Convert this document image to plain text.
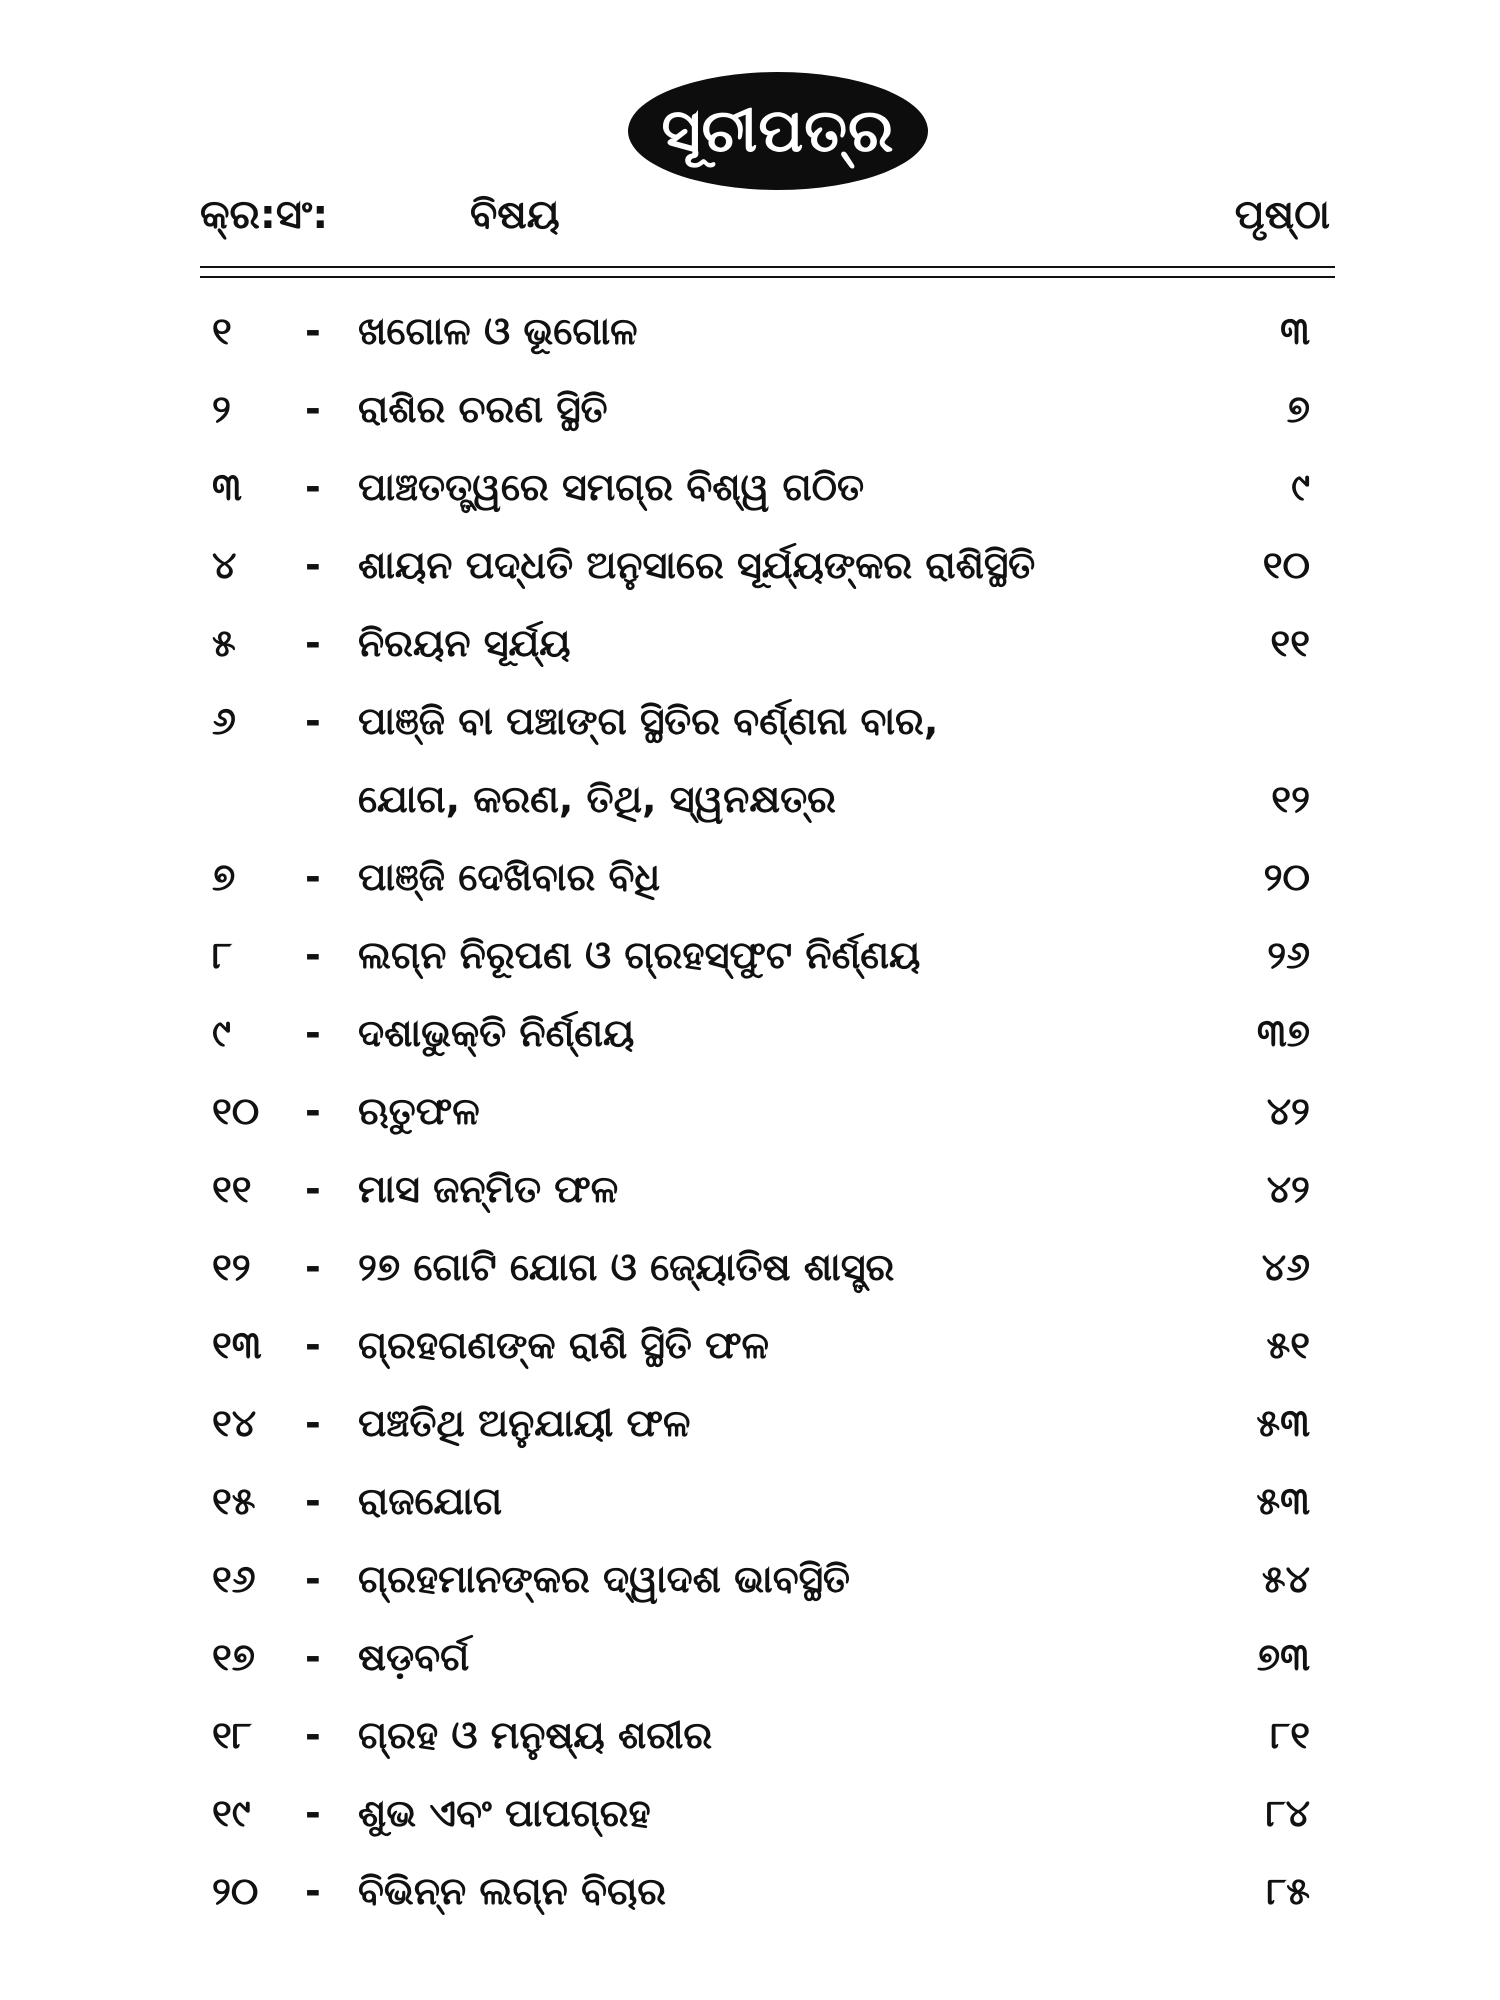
ସୂଚୀପତ୍ର
କ୍ର:ସଂ:	ବିଷୟ	ପୃଷ୍ଠା
୧	- ଖଗୋଳ ଓ ଭୂଗୋଳ	୩
୨	- ରାଶିର ଚରଣ ସ୍ଥିତି	୭
୩	- ପାଞ୍ଚତତ୍ତ୍ୱରେ ସମଗ୍ର ବିଶ୍ୱ ଗଠିତ	୯
୪	- ଶାୟନ ପଦ୍ଧତି ଅନୁସାରେ ସୂର୍ଯ୍ୟଙ୍କର ରାଶିସ୍ଥିତି	୧୦
୫	- ନିରୟନ ସୂର୍ଯ୍ୟ	୧୧
୬	- ପାଞ୍ଜି ବା ପଞ୍ଚାଙ୍ଗ ସ୍ଥିତିର ବର୍ଣ୍ଣନା ବାର,
ଯୋଗ, କରଣ, ତିଥି, ସ୍ୱନକ୍ଷତ୍ର	୧୨
୭	- ପାଞ୍ଜି ଦେଖିବାର ବିଧି	୨୦
୮	- ଲଗ୍ନ ନିରୂପଣ ଓ ଗ୍ରହସ୍ଫୁଟ ନିର୍ଣ୍ଣୟ	୨୬
୯	- ଦଶାଭୁକ୍ତି ନିର୍ଣ୍ଣୟ	୩୭
୧୦	- ଋତୁଫଳ	୪୨
୧୧	- ମାସ ଜନ୍ମିତ ଫଳ	୪୨
୧୨	- ୨୭ ଗୋଟି ଯୋଗ ଓ ଜ୍ୟୋତିଷ ଶାସ୍ତ୍ର	୪୬
୧୩	- ଗ୍ରହଗଣଙ୍କ ରାଶି ସ୍ଥିତି ଫଳ	୫୧
୧୪	- ପଞ୍ଚତିଥି ଅନୁଯାୟୀ ଫଳ	୫୩
୧୫	- ରାଜଯୋଗ	୫୩
୧୬	- ଗ୍ରହମାନଙ୍କର ଦ୍ୱାଦଶ ଭାବସ୍ଥିତି	୫୪
୧୭	- ଷଡ଼ବର୍ଗ	୭୩
୧୮	- ଗ୍ରହ ଓ ମନୁଷ୍ୟ ଶରୀର	୮୧
୧୯	- ଶୁଭ ଏବଂ ପାପଗ୍ରହ	୮୪
୨୦	- ବିଭିନ୍ନ ଲଗ୍ନ ବିଚାର	୮୫
